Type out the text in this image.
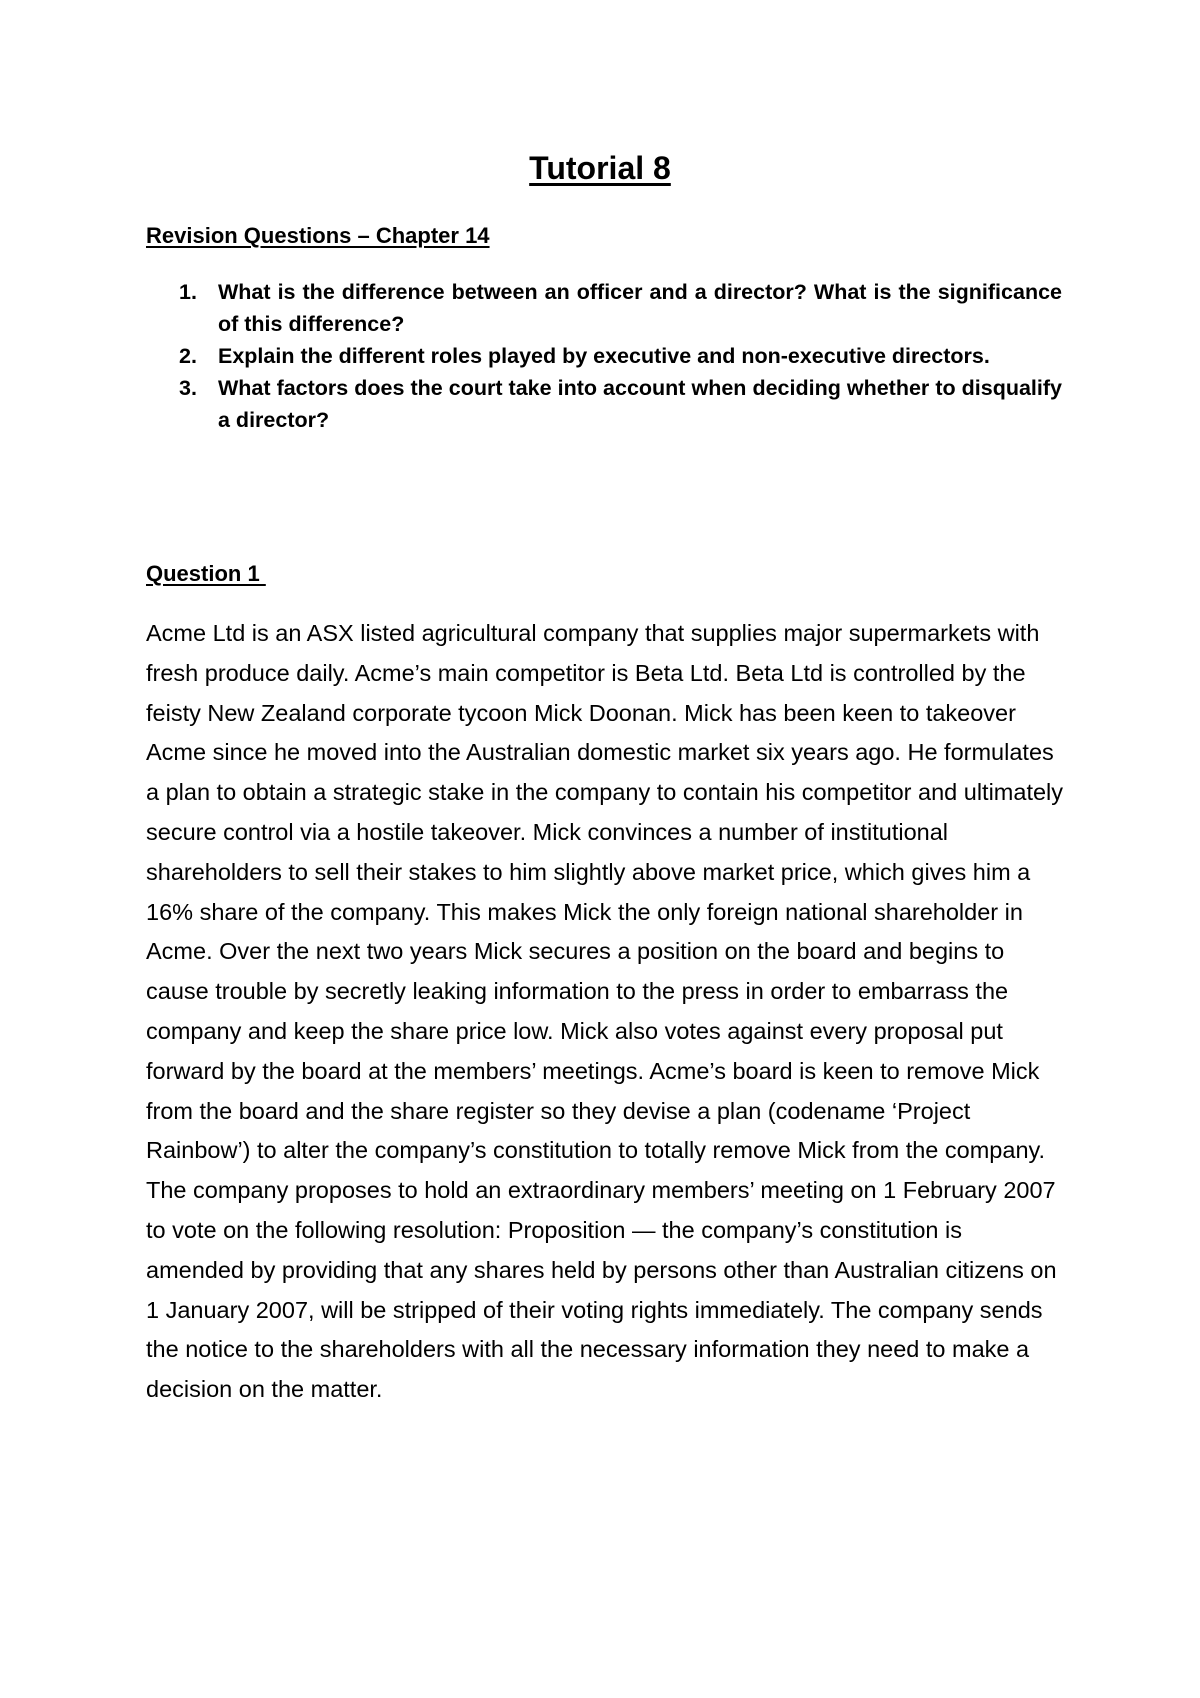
Tutorial 8
Revision Questions – Chapter 14
1. What is the difference between an officer and a director? What is the significance of this difference?
2. Explain the different roles played by executive and non-executive directors.
3. What factors does the court take into account when deciding whether to disqualify a director?
Question 1

Acme Ltd is an ASX listed agricultural company that supplies major supermarkets with fresh produce daily. Acme’s main competitor is Beta Ltd. Beta Ltd is controlled by the feisty New Zealand corporate tycoon Mick Doonan. Mick has been keen to takeover Acme since he moved into the Australian domestic market six years ago. He formulates a plan to obtain a strategic stake in the company to contain his competitor and ultimately secure control via a hostile takeover. Mick convinces a number of institutional shareholders to sell their stakes to him slightly above market price, which gives him a 16% share of the company. This makes Mick the only foreign national shareholder in Acme. Over the next two years Mick secures a position on the board and begins to cause trouble by secretly leaking information to the press in order to embarrass the company and keep the share price low. Mick also votes against every proposal put forward by the board at the members’ meetings. Acme’s board is keen to remove Mick from the board and the share register so they devise a plan (codename ‘Project Rainbow’) to alter the company’s constitution to totally remove Mick from the company. The company proposes to hold an extraordinary members’ meeting on 1 February 2007 to vote on the following resolution: Proposition — the company’s constitution is amended by providing that any shares held by persons other than Australian citizens on 1 January 2007, will be stripped of their voting rights immediately. The company sends the notice to the shareholders with all the necessary information they need to make a decision on the matter.
